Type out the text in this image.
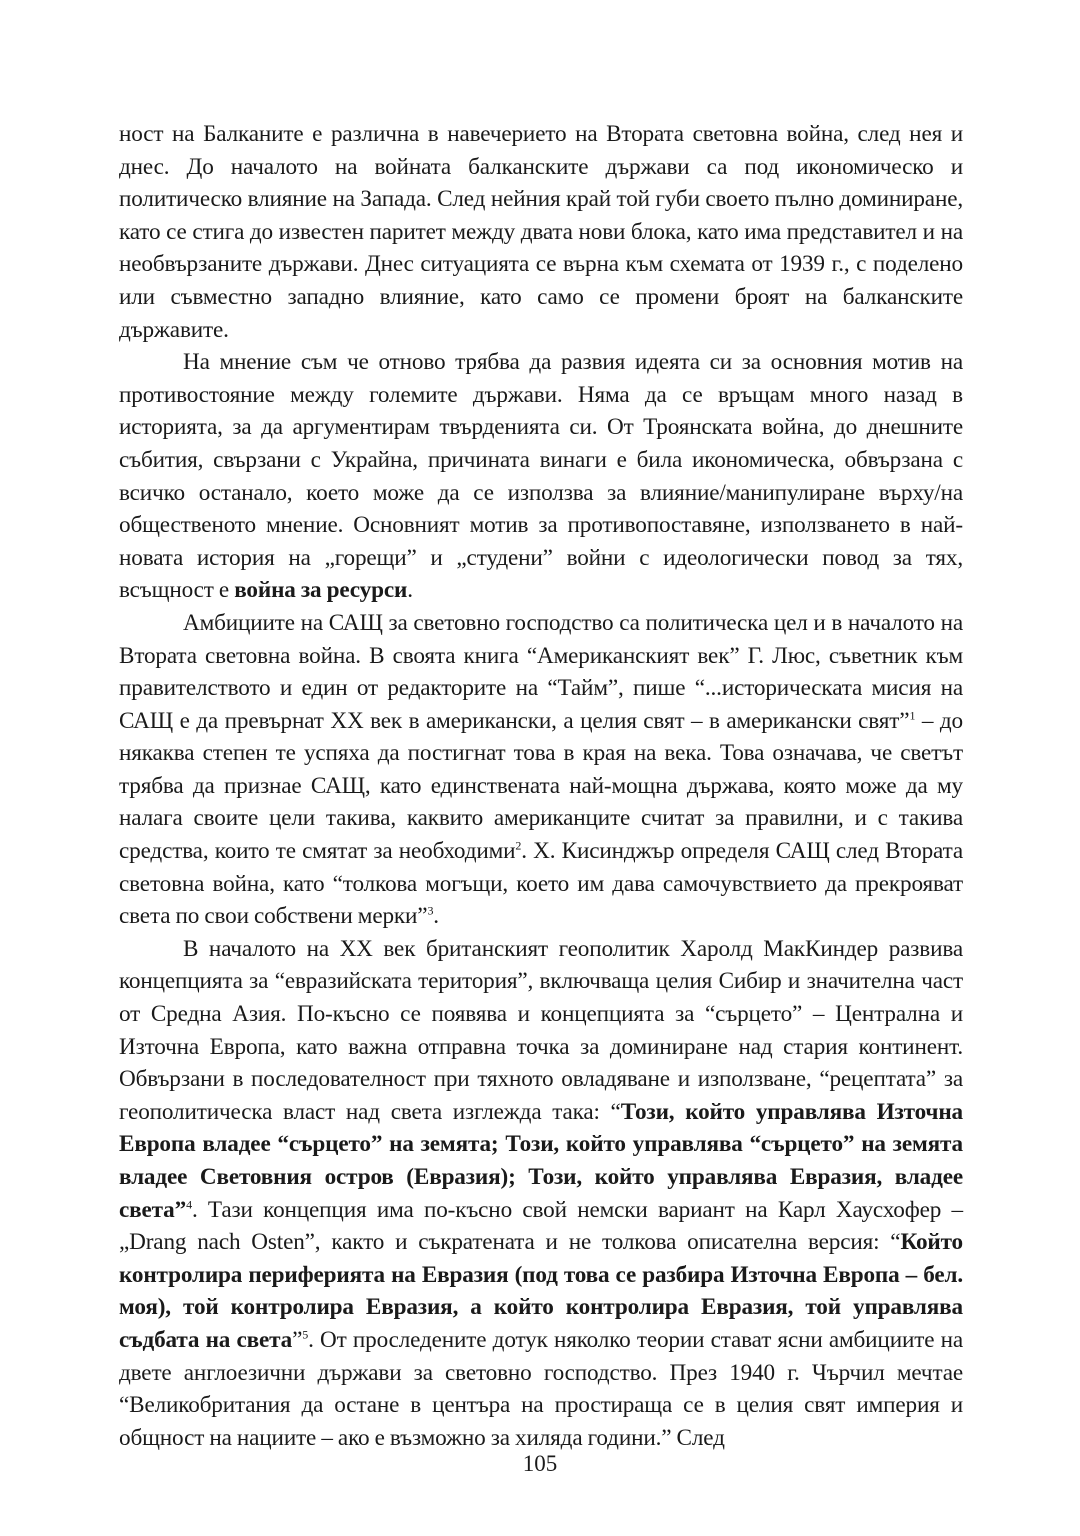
ност на Балканите е различна в навечерието на Втората световна война, след нея и днес. До началото на войната балканските държави са под икономическо и политическо влияние на Запада. След нейния край той губи своето пълно доминиране, като се стига до известен паритет между двата нови блока, като има представител и на необвързаните държави. Днес ситуацията се върна към схемата от 1939 г., с поделено или съвместно западно влияние, като само се промени броят на балканските държавите.

На мнение съм че отново трябва да развия идеята си за основния мотив на противостояние между големите държави. Няма да се връщам много назад в историята, за да аргументирам твърденията си. От Троянската война, до днешните събития, свързани с Украйна, причината винаги е била икономическа, обвързана с всичко останало, което може да се използва за влияние/манипулиране върху/на общественото мнение. Основният мотив за противопоставяне, използването в най-новата история на „горещи” и „студени” войни с идеологически повод за тях, всъщност е война за ресурси.

Амбициите на САЩ за световно господство са политическа цел и в началото на Втората световна война. В своята книга “Американският век” Г. Люс, съветник към правителството и един от редакторите на “Тайм”, пише “...историческата мисия на САЩ е да превърнат ХХ век в американски, а целия свят – в американски свят”$^1$ – до някаква степен те успяха да постигнат това в края на века. Това означава, че светът трябва да признае САЩ, като единствената най-мощна държава, която може да му налага своите цели такива, каквито американците считат за правилни, и с такива средства, които те смятат за необходими$^2$. Х. Кисинджър определя САЩ след Втората световна война, като “толкова могъщи, което им дава самочувствието да прекрояват света по свои собствени мерки”$^3$.

В началото на ХХ век британският геополитик Харолд МакКиндер развива концепцията за “евразийската територия”, включваща целия Сибир и значителна част от Средна Азия. По-късно се появява и концепцията за “сърцето” – Централна и Източна Европа, като важна отправна точка за доминиране над стария континент. Обвързани в последователност при тяхното овладяване и използване, “рецептата” за геополитическа власт над света изглежда така: “Този, който управлява Източна Европа владее “сърцето” на земята; Този, който управлява “сърцето” на земята владее Световния остров (Евразия); Този, който управлява Евразия, владее света”$^4$. Тази концепция има по-късно свой немски вариант на Карл Хаусхофер – „Drang nach Osten”, както и съкратената и не толкова описателна версия: “Който контролира периферията на Евразия (под това се разбира Източна Европа – бел. моя), той контролира Евразия, а който контролира Евразия, той управлява съдбата на света”$^5$. От проследените дотук няколко теории стават ясни амбициите на двете англоезични държави за световно господство. През 1940 г. Чърчил мечтае “Великобритания да остане в центъра на простираща се в целия свят империя и общност на нациите – ако е възможно за хиляда години.” След

105
